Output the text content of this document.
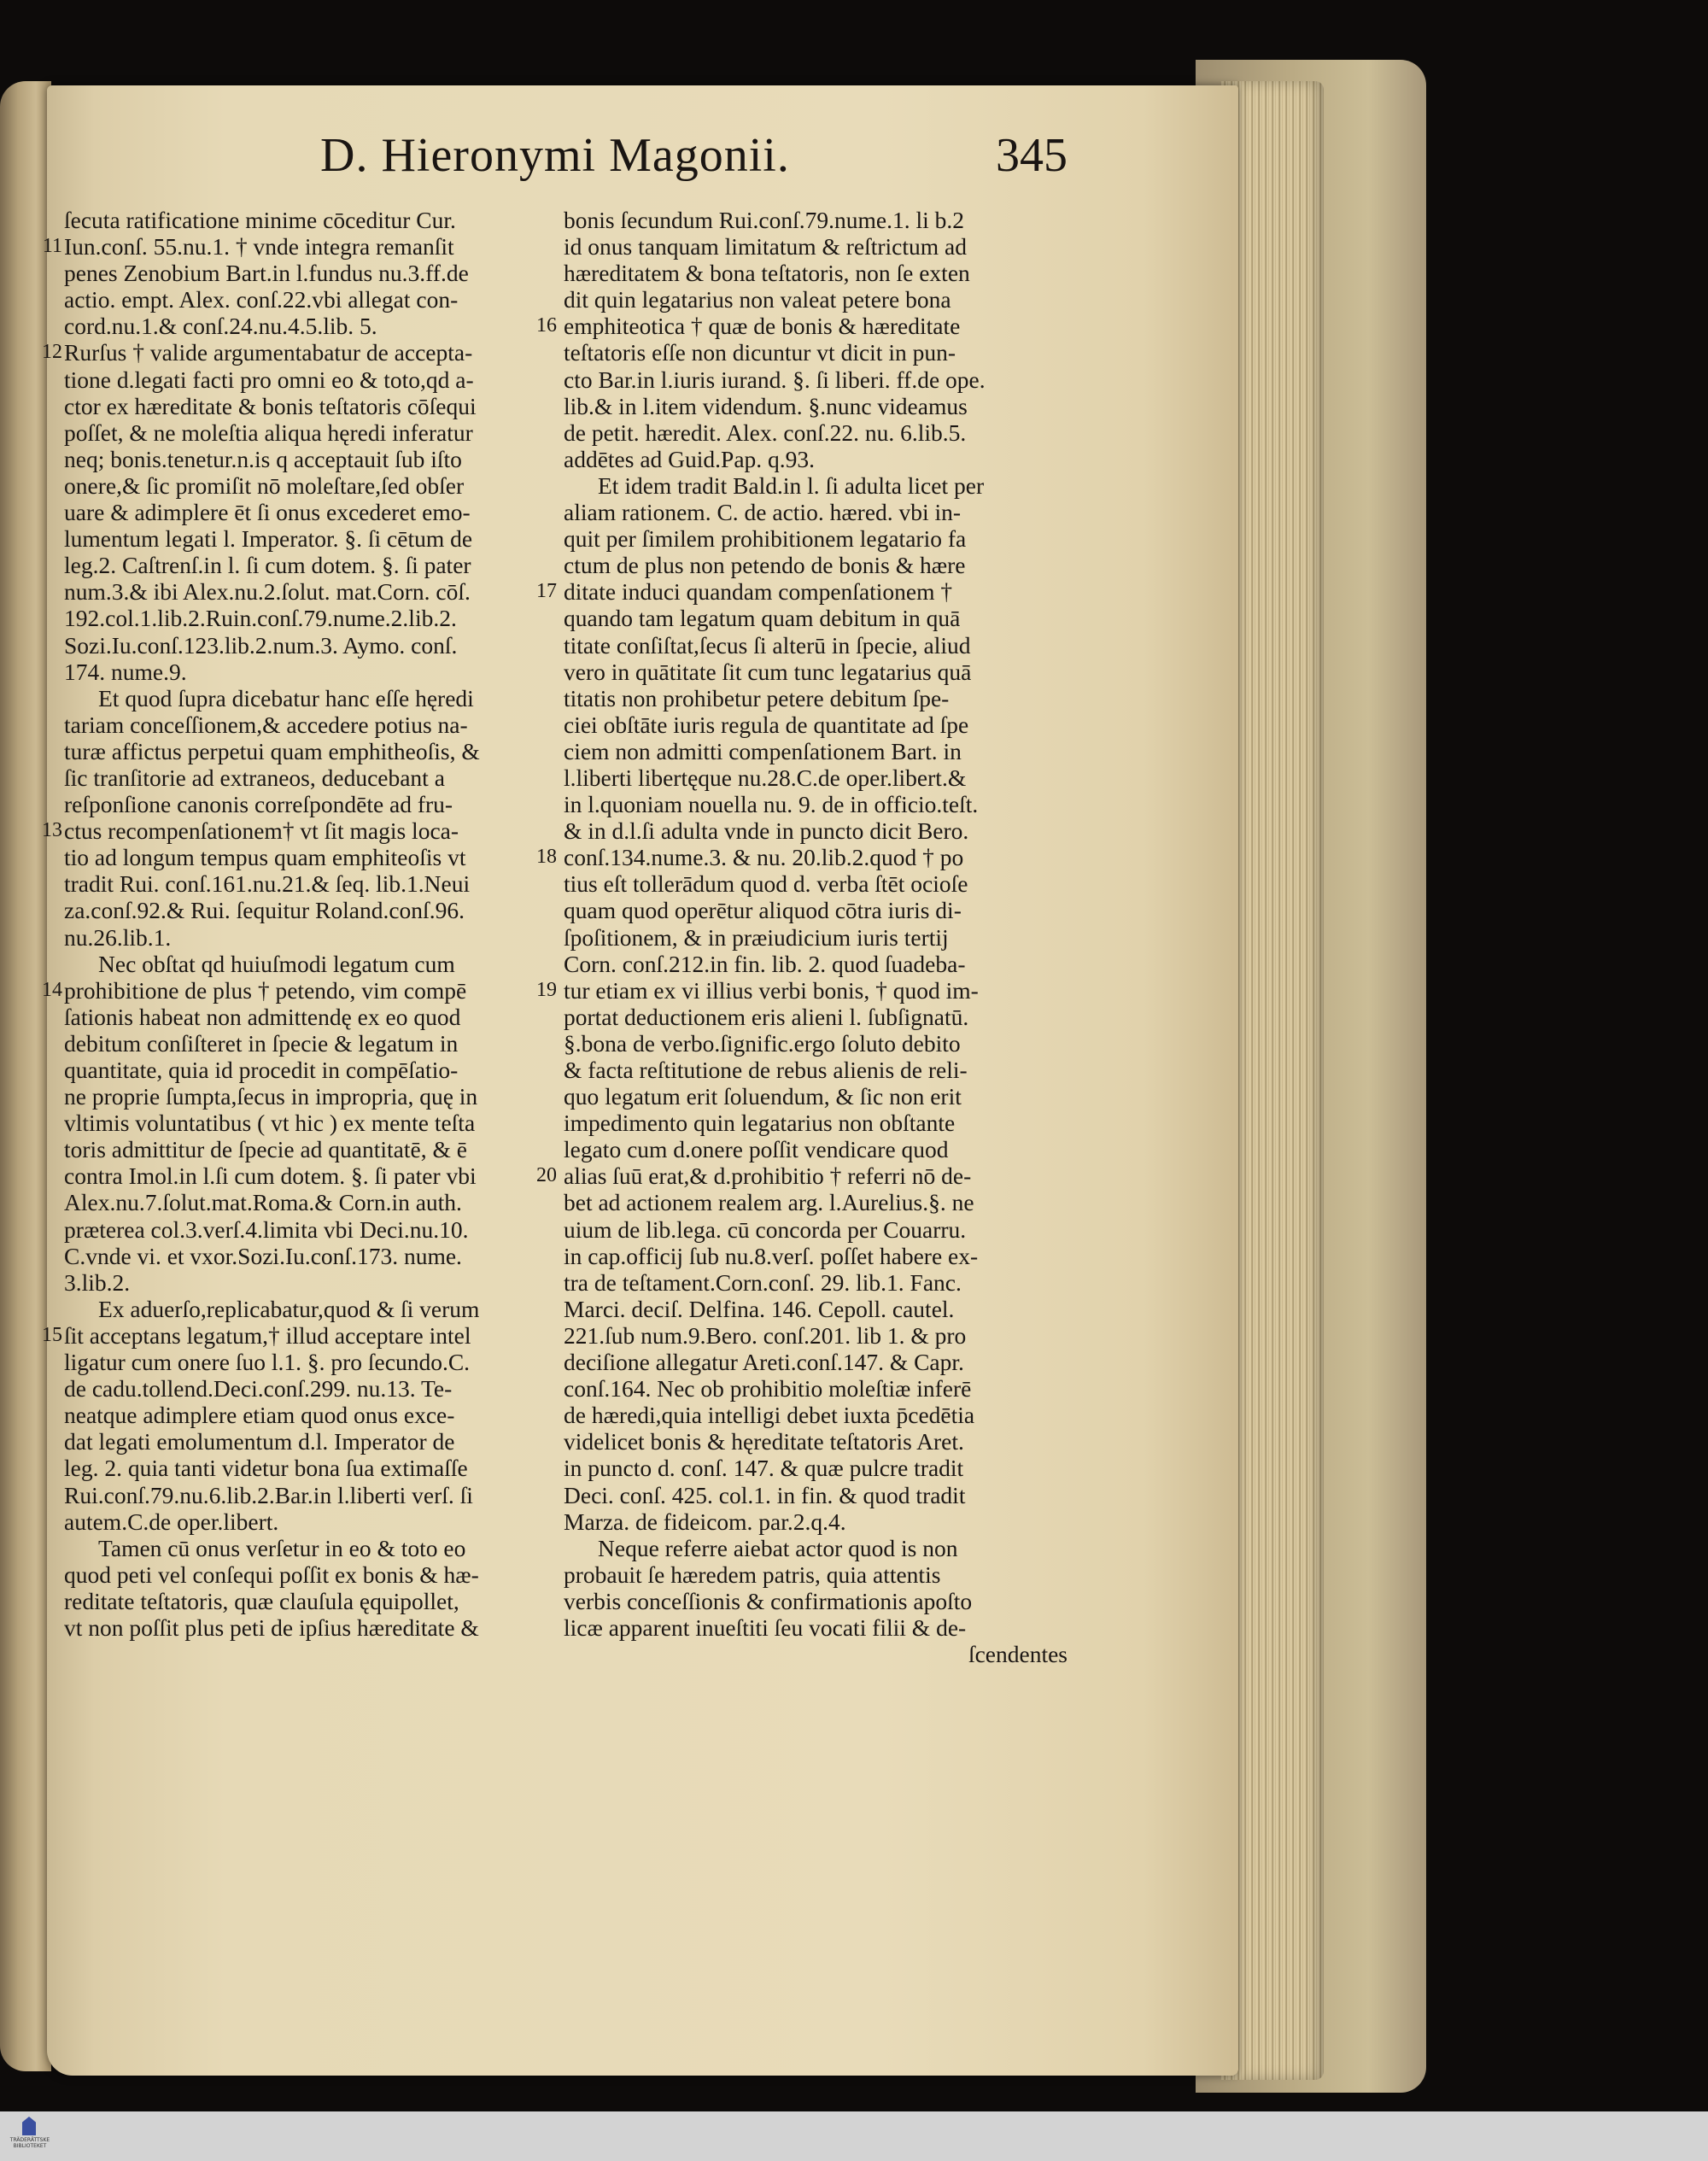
D. Hieronymi Magonii.	345
ſecuta ratificatione minime cōceditur Cur.
11 Iun.conſ. 55.nu.1. † vnde integra remanſit
penes Zenobium Bart.in l.fundus nu.3.ff.de
actio. empt. Alex. conſ.22.vbi allegat con-
cord.nu.1.& conſ.24.nu.4.5.lib. 5.
12 Rurſus † valide argumentabatur de accepta-
tione d.legati facti pro omni eo & toto,qd a-
ctor ex hæreditate & bonis teſtatoris cōſequi
poſſet, & ne moleſtia aliqua hęredi inferatur
neq; bonis.tenetur.n.is q acceptauit ſub iſto
onere,& ſic promiſit nō moleſtare,ſed obſer
uare & adimplere ēt ſi onus excederet emo-
lumentum legati l. Imperator. §. ſi cētum de
leg.2. Caſtrenſ.in l. ſi cum dotem. §. ſi pater
num.3.& ibi Alex.nu.2.ſolut. mat.Corn. cōſ.
192.col.1.lib.2.Ruin.conſ.79.nume.2.lib.2.
Sozi.Iu.conſ.123.lib.2.num.3. Aymo. conſ.
174. nume.9.
Et quod ſupra dicebatur hanc eſſe hęredi
tariam conceſſionem,& accedere potius na-
turæ affictus perpetui quam emphitheoſis, &
ſic tranſitorie ad extraneos, deducebant a
reſponſione canonis correſpondēte ad fru-
13 ctus recompenſationem† vt ſit magis loca-
tio ad longum tempus quam emphiteoſis vt
tradit Rui. conſ.161.nu.21.& ſeq. lib.1.Neui
za.conſ.92.& Rui. ſequitur Roland.conſ.96.
nu.26.lib.1.
Nec obſtat qd huiuſmodi legatum cum
14 prohibitione de plus † petendo, vim compē
ſationis habeat non admittendę ex eo quod
debitum conſiſteret in ſpecie & legatum in
quantitate, quia id procedit in compēſatio-
ne proprie ſumpta,ſecus in impropria, quę in
vltimis voluntatibus ( vt hic ) ex mente teſta
toris admittitur de ſpecie ad quantitatē, & ē
contra Imol.in l.ſi cum dotem. §. ſi pater vbi
Alex.nu.7.ſolut.mat.Roma.& Corn.in auth.
præterea col.3.verſ.4.limita vbi Deci.nu.10.
C.vnde vi. et vxor.Sozi.Iu.conſ.173. nume.
3.lib.2.
Ex aduerſo,replicabatur,quod & ſi verum
15 ſit acceptans legatum,† illud acceptare intel
ligatur cum onere ſuo l.1. §. pro ſecundo.C.
de cadu.tollend.Deci.conſ.299. nu.13. Te-
neatque adimplere etiam quod onus exce-
dat legati emolumentum d.l. Imperator de
leg. 2. quia tanti videtur bona ſua extimaſſe
Rui.conſ.79.nu.6.lib.2.Bar.in l.liberti verſ. ſi
autem.C.de oper.libert.
Tamen cū onus verſetur in eo & toto eo
quod peti vel conſequi poſſit ex bonis & hæ-
reditate teſtatoris, quæ clauſula ęquipollet,
vt non poſſit plus peti de ipſius hæreditate &
bonis ſecundum Rui.conſ.79.nume.1. li b.2
id onus tanquam limitatum & reſtrictum ad
hæreditatem & bona teſtatoris, non ſe exten
dit quin legatarius non valeat petere bona
16 emphiteotica † quæ de bonis & hæreditate
teſtatoris eſſe non dicuntur vt dicit in pun-
cto Bar.in l.iuris iurand. §. ſi liberi. ff.de ope.
lib.& in l.item videndum. §.nunc videamus
de petit. hæredit. Alex. conſ.22. nu. 6.lib.5.
addētes ad Guid.Pap. q.93.
Et idem tradit Bald.in l. ſi adulta licet per
aliam rationem. C. de actio. hæred. vbi in-
quit per ſimilem prohibitionem legatario fa
ctum de plus non petendo de bonis & hære
17 ditate induci quandam compenſationem †
quando tam legatum quam debitum in quā
titate conſiſtat,ſecus ſi alterū in ſpecie, aliud
vero in quātitate ſit cum tunc legatarius quā
titatis non prohibetur petere debitum ſpe-
ciei obſtāte iuris regula de quantitate ad ſpe
ciem non admitti compenſationem Bart. in
l.liberti libertęque nu.28.C.de oper.libert.&
in l.quoniam nouella nu. 9. de in officio.teſt.
& in d.l.ſi adulta vnde in puncto dicit Bero.
18 conſ.134.nume.3. & nu. 20.lib.2.quod † po
tius eſt tollerādum quod d. verba ſtēt ocioſe
quam quod operētur aliquod cōtra iuris di-
ſpoſitionem, & in præiudicium iuris tertij
Corn. conſ.212.in fin. lib. 2. quod ſuadeba-
19 tur etiam ex vi illius verbi bonis, † quod im-
portat deductionem eris alieni l. ſubſignatū.
§.bona de verbo.ſignific.ergo ſoluto debito
& facta reſtitutione de rebus alienis de reli-
quo legatum erit ſoluendum, & ſic non erit
impedimento quin legatarius non obſtante
legato cum d.onere poſſit vendicare quod
20 alias ſuū erat,& d.prohibitio † referri nō de-
bet ad actionem realem arg. l.Aurelius.§. ne
uium de lib.lega. cū concorda per Couarru.
in cap.officij ſub nu.8.verſ. poſſet habere ex-
tra de teſtament.Corn.conſ. 29. lib.1. Fanc.
Marci. deciſ. Delfina. 146. Cepoll. cautel.
221.ſub num.9.Bero. conſ.201. lib 1. & pro
deciſione allegatur Areti.conſ.147. & Capr.
conſ.164. Nec ob prohibitio moleſtiæ inferē
de hæredi,quia intelligi debet iuxta p̄cedētia
videlicet bonis & hęreditate teſtatoris Aret.
in puncto d. conſ. 147. & quæ pulcre tradit
Deci. conſ. 425. col.1. in fin. & quod tradit
Marza. de fideicom. par.2.q.4.
Neque referre aiebat actor quod is non
probauit ſe hæredem patris, quia attentis
verbis conceſſionis & confirmationis apoſto
licæ apparent inueſtiti ſeu vocati filii & de-
ſcendentes
TRÄDERÄTTSKE BIBLIOTEKET
